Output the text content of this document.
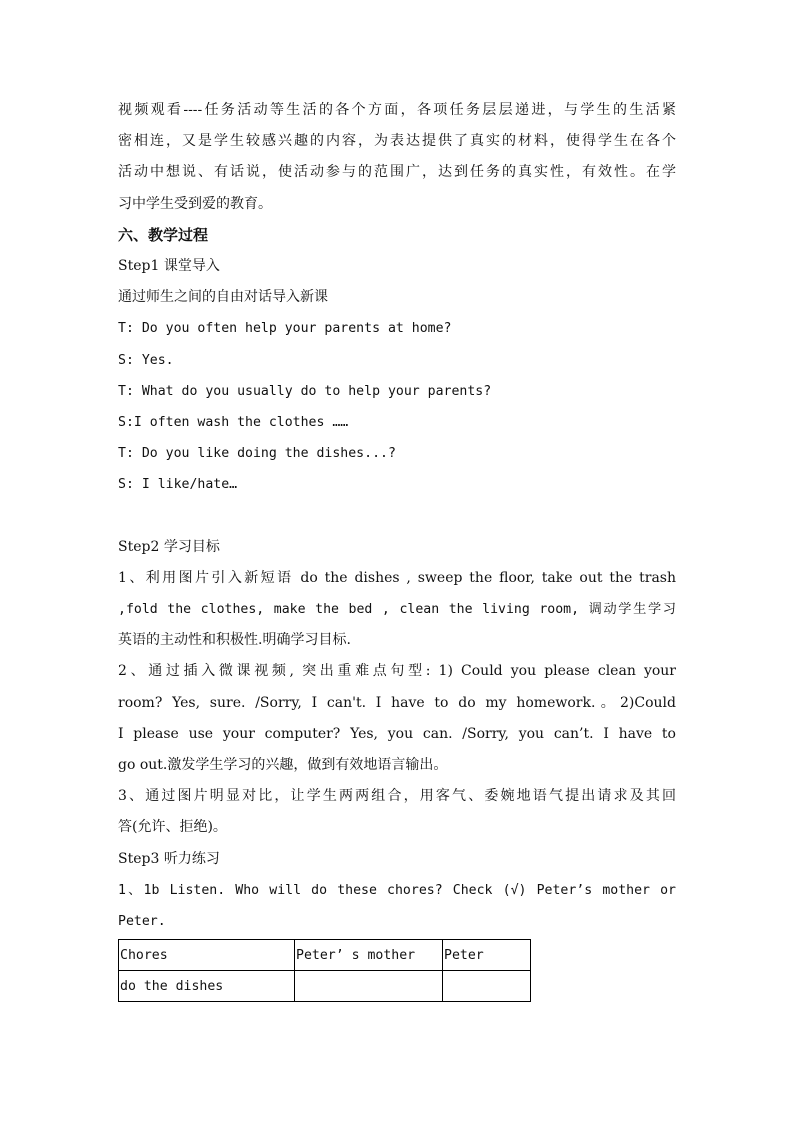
视频观看----任务活动等生活的各个方面，各项任务层层递进，与学生的生活紧
密相连，又是学生较感兴趣的内容，为表达提供了真实的材料，使得学生在各个
活动中想说、有话说，使活动参与的范围广，达到任务的真实性，有效性。在学
习中学生受到爱的教育。
六、教学过程
Step1 课堂导入
通过师生之间的自由对话导入新课
T: Do you often help your parents at home?
S: Yes.
T: What do you usually do to help your parents?
S:I often wash the clothes ……
T: Do you like doing the dishes...?
S: I like/hate…
Step2 学习目标
1、利用图片引入新短语 do the dishes , sweep the floor, take out the trash
,fold the clothes, make the bed , clean the living room, 调动学生学习
英语的主动性和积极性.明确学习目标.
2、通过插入微课视频, 突出重难点句型: 1) Could you please clean your
room? Yes, sure. /Sorry, I can't. I have to do my homework.。2)Could
I please use your computer? Yes, you can. /Sorry, you can’t. I have to
go out.激发学生学习的兴趣，做到有效地语言输出。
3、通过图片明显对比，让学生两两组合，用客气、委婉地语气提出请求及其回
答(允许、拒绝)。
Step3 听力练习
1、1b Listen. Who will do these chores? Check (√) Peter’s mother or
Peter.
Chores	Peter’ s mother	Peter
do the dishes		
